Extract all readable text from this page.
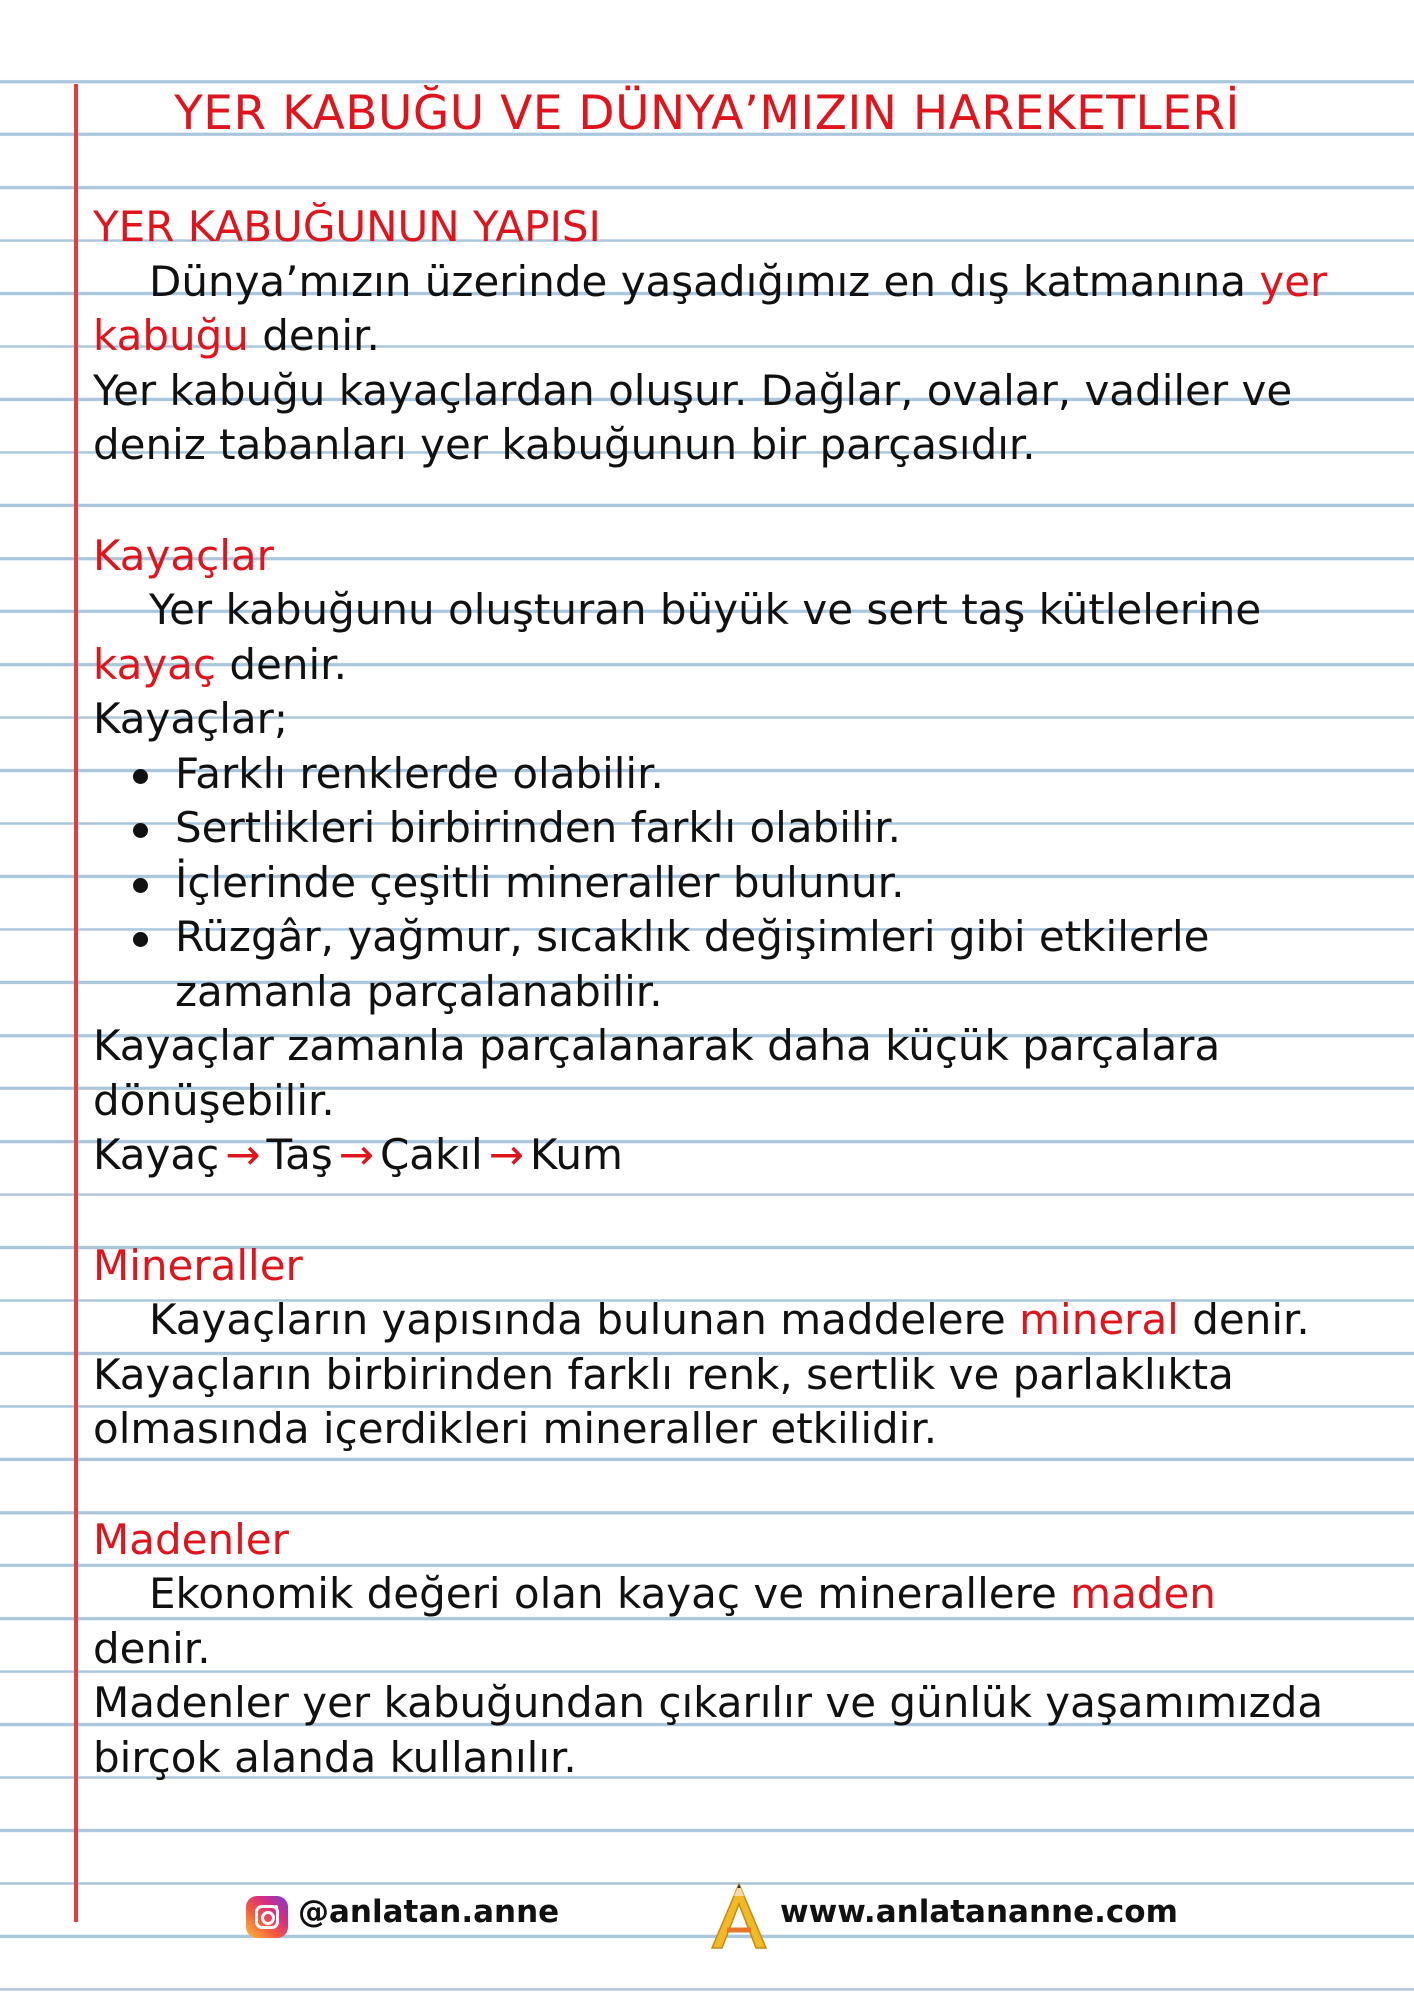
YER KABUĞU VE DÜNYA’MIZIN HAREKETLERİ

YER KABUĞUNUN YAPISI

Dünya’mızın üzerinde yaşadığımız en dış katmanına yer

kabuğu denir.

Yer kabuğu kayaçlardan oluşur. Dağlar, ovalar, vadiler ve

deniz tabanları yer kabuğunun bir parçasıdır.

Kayaçlar

Yer kabuğunu oluşturan büyük ve sert taş kütlelerine

kayaç denir.

Kayaçlar;

Farklı renklerde olabilir.
Sertlikleri birbirinden farklı olabilir.
İçlerinde çeşitli mineraller bulunur.
Rüzgâr, yağmur, sıcaklık değişimleri gibi etkilerle
zamanla parçalanabilir.

Kayaçlar zamanla parçalanarak daha küçük parçalara

dönüşebilir.

Kayaç → Taş → Çakıl → Kum

Mineraller

Kayaçların yapısında bulunan maddelere mineral denir.

Kayaçların birbirinden farklı renk, sertlik ve parlaklıkta

olmasında içerdikleri mineraller etkilidir.

Madenler

Ekonomik değeri olan kayaç ve minerallere maden

denir.

Madenler yer kabuğundan çıkarılır ve günlük yaşamımızda

birçok alanda kullanılır.

@anlatan.anne	www.anlatananne.com
